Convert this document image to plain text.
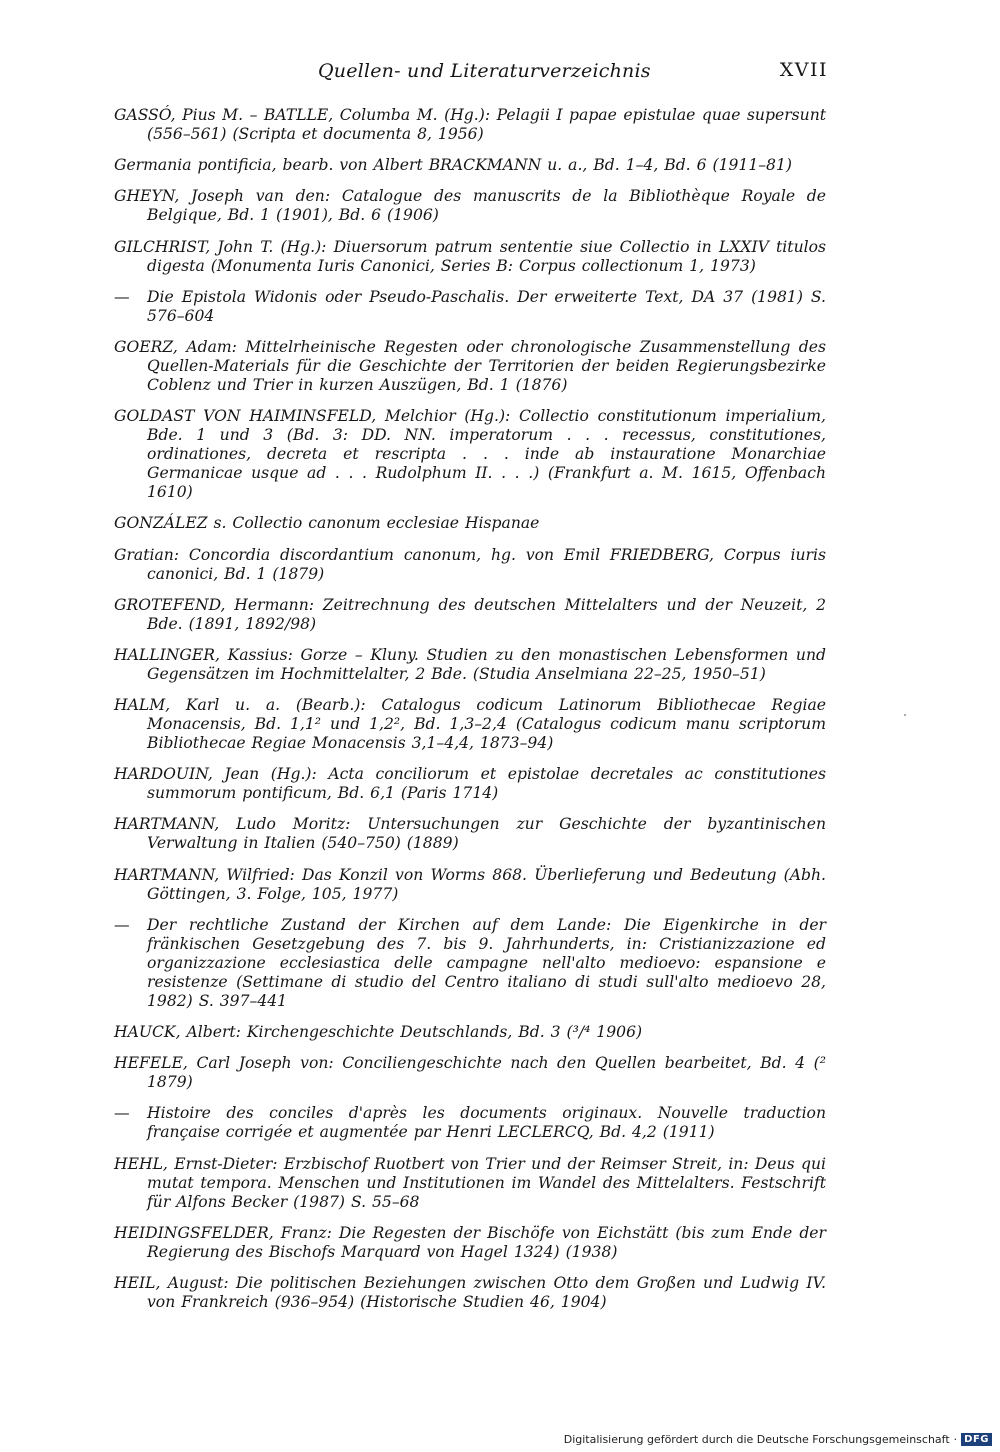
Quellen- und Literaturverzeichnis	XVII
GASSÓ, Pius M. – BATLLE, Columba M. (Hg.): Pelagii I papae epistulae quae supersunt (556–561) (Scripta et documenta 8, 1956)
Germania pontificia, bearb. von Albert BRACKMANN u. a., Bd. 1–4, Bd. 6 (1911–81)
GHEYN, Joseph van den: Catalogue des manuscrits de la Bibliothèque Royale de Belgique, Bd. 1 (1901), Bd. 6 (1906)
GILCHRIST, John T. (Hg.): Diuersorum patrum sententie siue Collectio in LXXIV titulos digesta (Monumenta Iuris Canonici, Series B: Corpus collectionum 1, 1973)
— Die Epistola Widonis oder Pseudo-Paschalis. Der erweiterte Text, DA 37 (1981) S. 576–604
GOERZ, Adam: Mittelrheinische Regesten oder chronologische Zusammenstellung des Quellen-Materials für die Geschichte der Territorien der beiden Regierungsbezirke Coblenz und Trier in kurzen Auszügen, Bd. 1 (1876)
GOLDAST VON HAIMINSFELD, Melchior (Hg.): Collectio constitutionum imperialium, Bde. 1 und 3 (Bd. 3: DD. NN. imperatorum . . . recessus, constitutiones, ordinationes, decreta et rescripta . . . inde ab instauratione Monarchiae Germanicae usque ad . . . Rudolphum II. . . .) (Frankfurt a. M. 1615, Offenbach 1610)
GONZÁLEZ s. Collectio canonum ecclesiae Hispanae
Gratian: Concordia discordantium canonum, hg. von Emil FRIEDBERG, Corpus iuris canonici, Bd. 1 (1879)
GROTEFEND, Hermann: Zeitrechnung des deutschen Mittelalters und der Neuzeit, 2 Bde. (1891, 1892/98)
HALLINGER, Kassius: Gorze – Kluny. Studien zu den monastischen Lebensformen und Gegensätzen im Hochmittelalter, 2 Bde. (Studia Anselmiana 22–25, 1950–51)
HALM, Karl u. a. (Bearb.): Catalogus codicum Latinorum Bibliothecae Regiae Monacensis, Bd. 1,1² und 1,2², Bd. 1,3–2,4 (Catalogus codicum manu scriptorum Bibliothecae Regiae Monacensis 3,1–4,4, 1873–94)
HARDOUIN, Jean (Hg.): Acta conciliorum et epistolae decretales ac constitutiones summorum pontificum, Bd. 6,1 (Paris 1714)
HARTMANN, Ludo Moritz: Untersuchungen zur Geschichte der byzantinischen Verwaltung in Italien (540–750) (1889)
HARTMANN, Wilfried: Das Konzil von Worms 868. Überlieferung und Bedeutung (Abh. Göttingen, 3. Folge, 105, 1977)
— Der rechtliche Zustand der Kirchen auf dem Lande: Die Eigenkirche in der fränkischen Gesetzgebung des 7. bis 9. Jahrhunderts, in: Cristianizzazione ed organizzazione ecclesiastica delle campagne nell'alto medioevo: espansione e resistenze (Settimane di studio del Centro italiano di studi sull'alto medioevo 28, 1982) S. 397–441
HAUCK, Albert: Kirchengeschichte Deutschlands, Bd. 3 (³/⁴ 1906)
HEFELE, Carl Joseph von: Conciliengeschichte nach den Quellen bearbeitet, Bd. 4 (² 1879)
— Histoire des conciles d'après les documents originaux. Nouvelle traduction française corrigée et augmentée par Henri LECLERCQ, Bd. 4,2 (1911)
HEHL, Ernst-Dieter: Erzbischof Ruotbert von Trier und der Reimser Streit, in: Deus qui mutat tempora. Menschen und Institutionen im Wandel des Mittelalters. Festschrift für Alfons Becker (1987) S. 55–68
HEIDINGSFELDER, Franz: Die Regesten der Bischöfe von Eichstätt (bis zum Ende der Regierung des Bischofs Marquard von Hagel 1324) (1938)
HEIL, August: Die politischen Beziehungen zwischen Otto dem Großen und Ludwig IV. von Frankreich (936–954) (Historische Studien 46, 1904)
Digitalisierung gefördert durch die Deutsche Forschungsgemeinschaft · DFG
